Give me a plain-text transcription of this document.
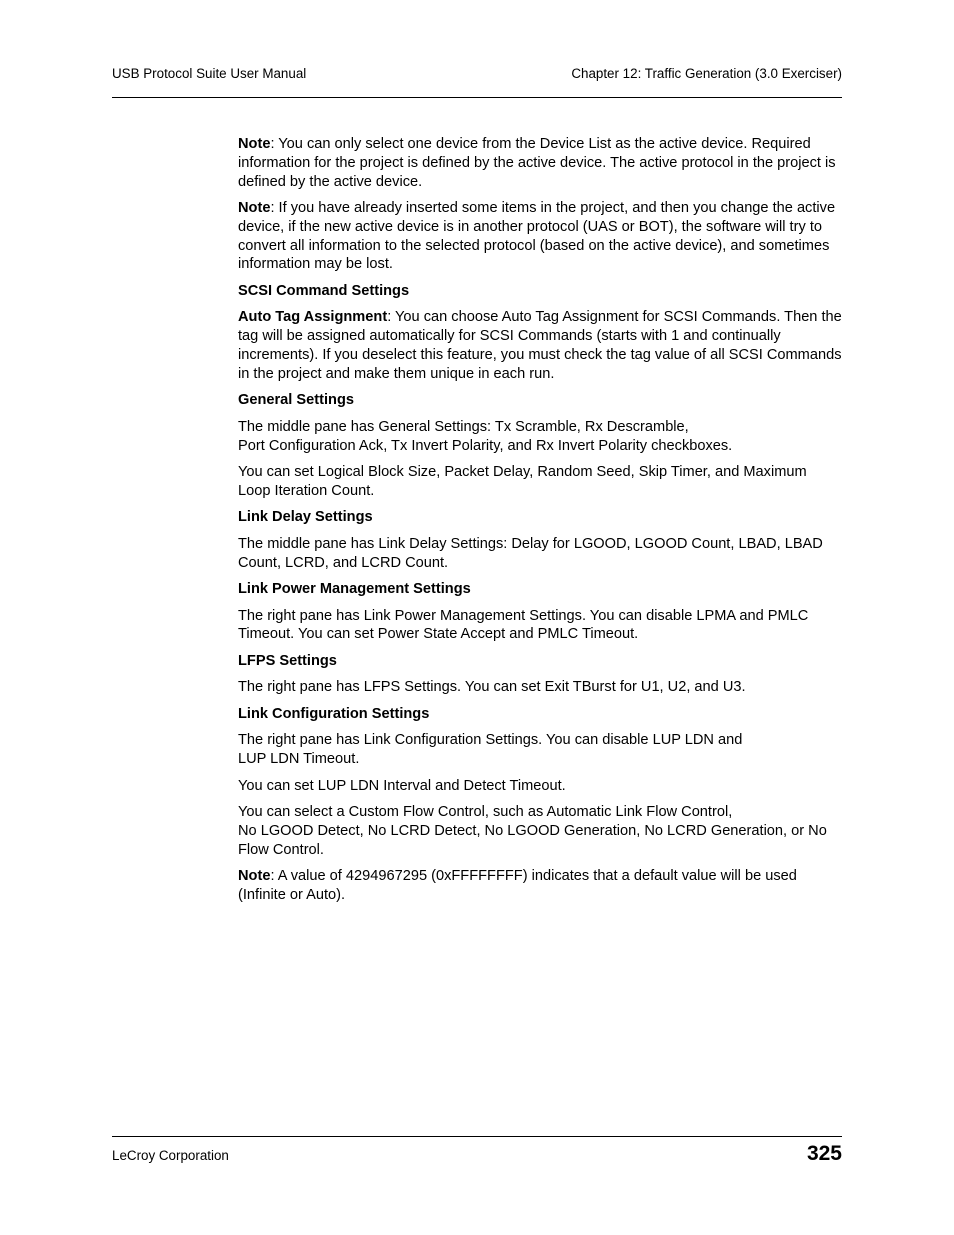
USB Protocol Suite User Manual	Chapter 12: Traffic Generation (3.0 Exerciser)

Note: You can only select one device from the Device List as the active device. Required information for the project is defined by the active device. The active protocol in the project is defined by the active device.

Note: If you have already inserted some items in the project, and then you change the active device, if the new active device is in another protocol (UAS or BOT), the software will try to convert all information to the selected protocol (based on the active device), and sometimes information may be lost.

SCSI Command Settings

Auto Tag Assignment: You can choose Auto Tag Assignment for SCSI Commands. Then the tag will be assigned automatically for SCSI Commands (starts with 1 and continually increments). If you deselect this feature, you must check the tag value of all SCSI Commands in the project and make them unique in each run.

General Settings

The middle pane has General Settings: Tx Scramble, Rx Descramble,
Port Configuration Ack, Tx Invert Polarity, and Rx Invert Polarity checkboxes.

You can set Logical Block Size, Packet Delay, Random Seed, Skip Timer, and Maximum Loop Iteration Count.

Link Delay Settings

The middle pane has Link Delay Settings: Delay for LGOOD, LGOOD Count, LBAD, LBAD Count, LCRD, and LCRD Count.

Link Power Management Settings

The right pane has Link Power Management Settings. You can disable LPMA and PMLC Timeout. You can set Power State Accept and PMLC Timeout.

LFPS Settings

The right pane has LFPS Settings. You can set Exit TBurst for U1, U2, and U3.

Link Configuration Settings

The right pane has Link Configuration Settings. You can disable LUP LDN and
LUP LDN Timeout.

You can set LUP LDN Interval and Detect Timeout.

You can select a Custom Flow Control, such as Automatic Link Flow Control,
No LGOOD Detect, No LCRD Detect, No LGOOD Generation, No LCRD Generation, or No Flow Control.

Note: A value of 4294967295 (0xFFFFFFFF) indicates that a default value will be used (Infinite or Auto).

LeCroy Corporation	325
